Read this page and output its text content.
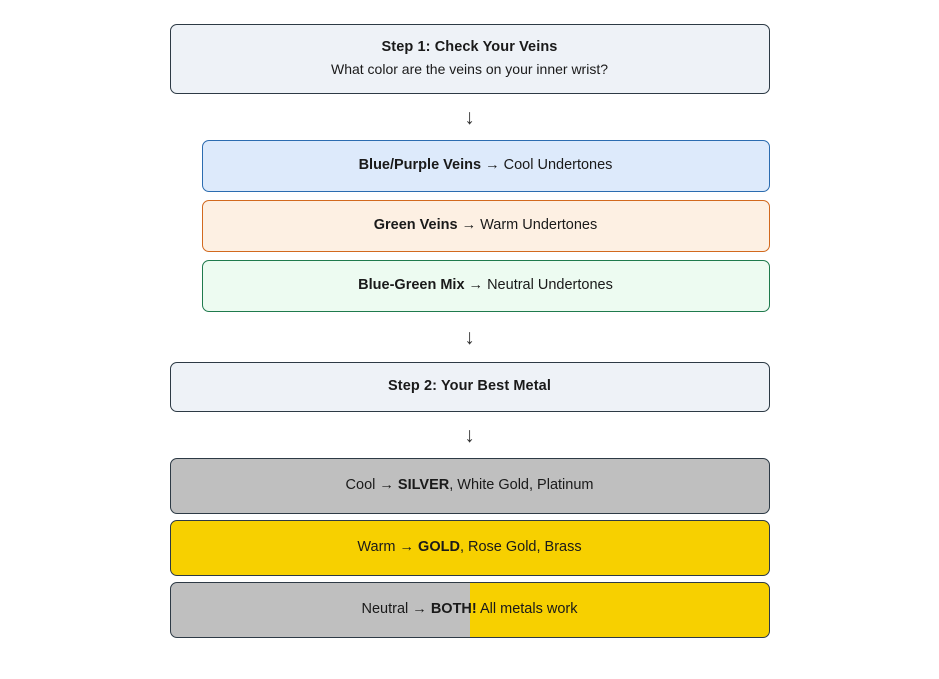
Step 1: Check Your Veins
What color are the veins on your inner wrist?
↓
Blue/Purple Veins → Cool Undertones
Green Veins → Warm Undertones
Blue-Green Mix → Neutral Undertones
↓
Step 2: Your Best Metal
↓
Cool → SILVER, White Gold, Platinum
Warm → GOLD, Rose Gold, Brass
Neutral → BOTH! All metals work
